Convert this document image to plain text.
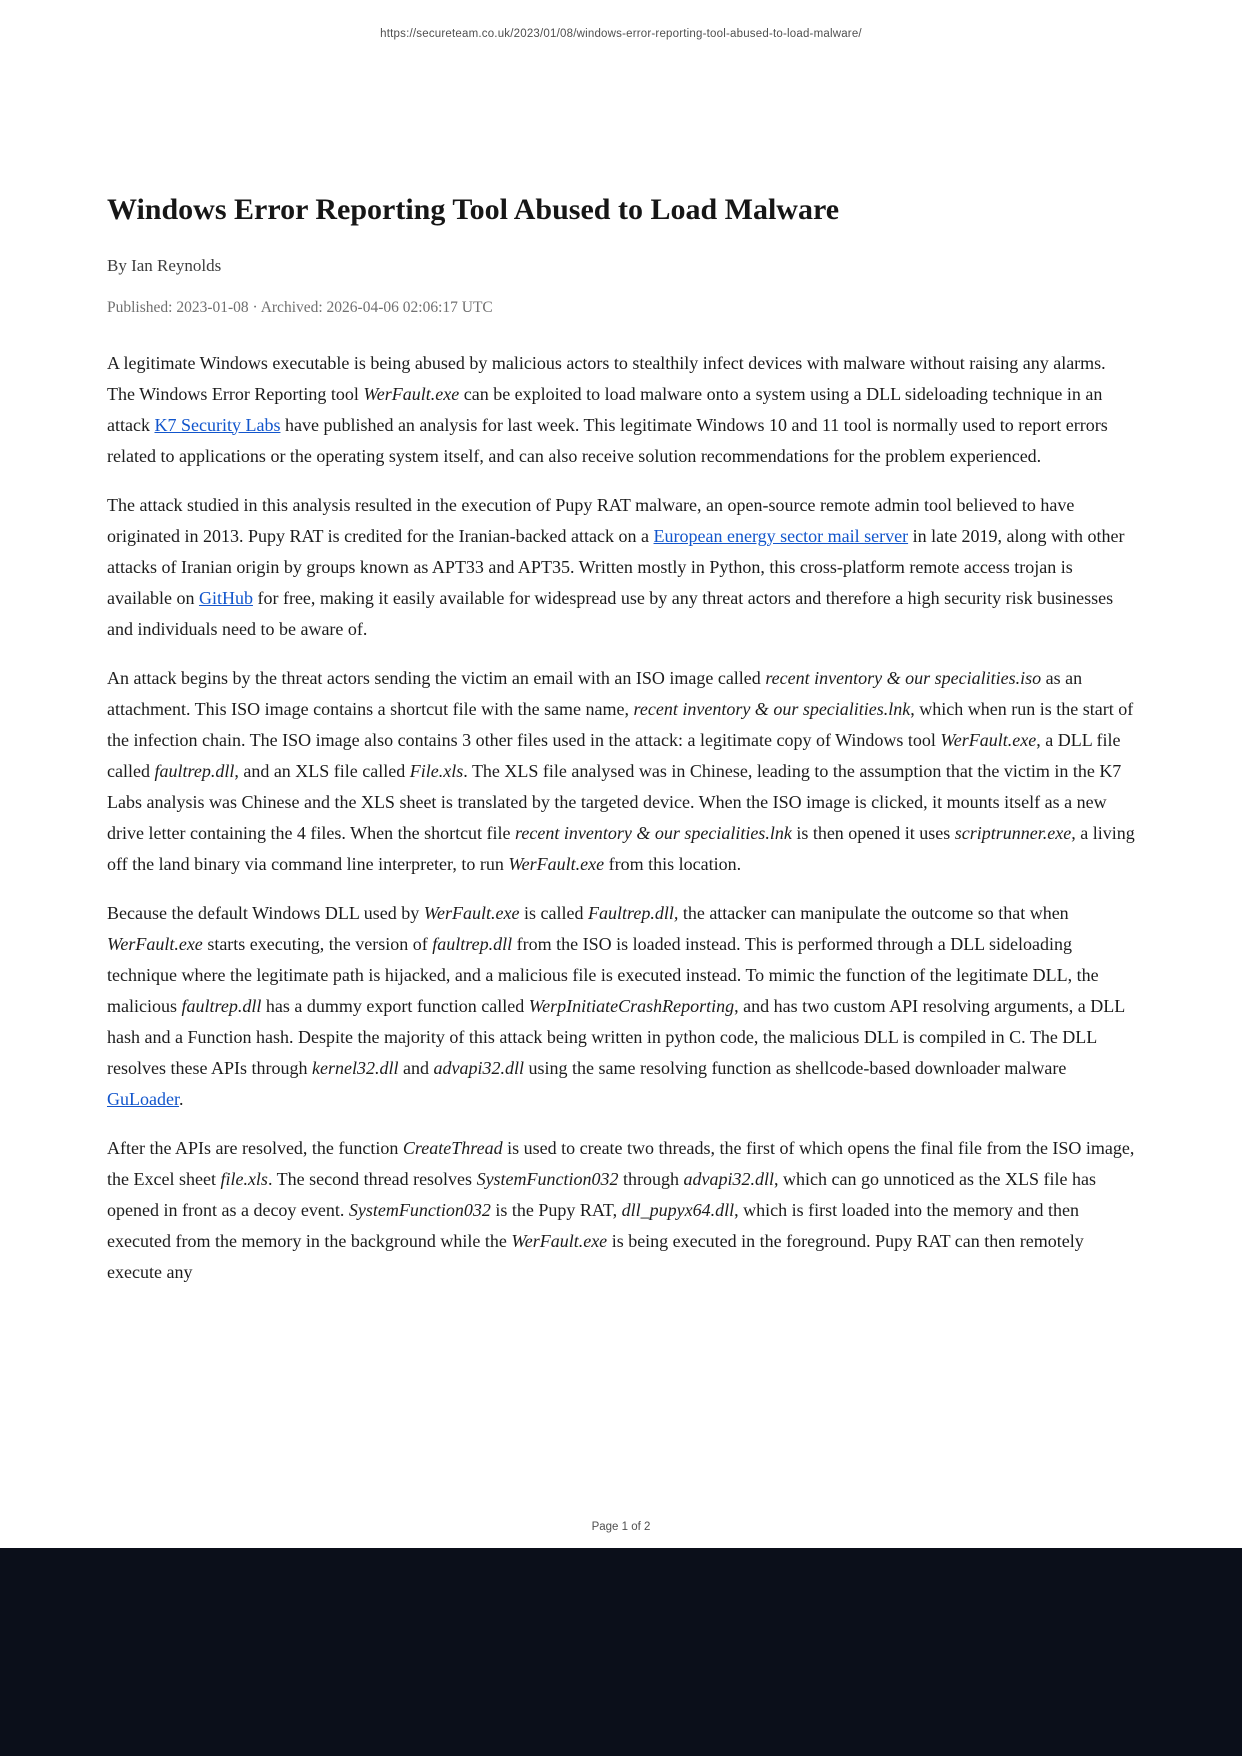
https://secureteam.co.uk/2023/01/08/windows-error-reporting-tool-abused-to-load-malware/
Windows Error Reporting Tool Abused to Load Malware
By Ian Reynolds
Published: 2023-01-08 · Archived: 2026-04-06 02:06:17 UTC

A legitimate Windows executable is being abused by malicious actors to stealthily infect devices with malware without raising any alarms. The Windows Error Reporting tool WerFault.exe can be exploited to load malware onto a system using a DLL sideloading technique in an attack K7 Security Labs have published an analysis for last week. This legitimate Windows 10 and 11 tool is normally used to report errors related to applications or the operating system itself, and can also receive solution recommendations for the problem experienced.

The attack studied in this analysis resulted in the execution of Pupy RAT malware, an open-source remote admin tool believed to have originated in 2013. Pupy RAT is credited for the Iranian-backed attack on a European energy sector mail server in late 2019, along with other attacks of Iranian origin by groups known as APT33 and APT35. Written mostly in Python, this cross-platform remote access trojan is available on GitHub for free, making it easily available for widespread use by any threat actors and therefore a high security risk businesses and individuals need to be aware of.

An attack begins by the threat actors sending the victim an email with an ISO image called recent inventory & our specialities.iso as an attachment. This ISO image contains a shortcut file with the same name, recent inventory & our specialities.lnk, which when run is the start of the infection chain. The ISO image also contains 3 other files used in the attack: a legitimate copy of Windows tool WerFault.exe, a DLL file called faultrep.dll, and an XLS file called File.xls. The XLS file analysed was in Chinese, leading to the assumption that the victim in the K7 Labs analysis was Chinese and the XLS sheet is translated by the targeted device. When the ISO image is clicked, it mounts itself as a new drive letter containing the 4 files. When the shortcut file recent inventory & our specialities.lnk is then opened it uses scriptrunner.exe, a living off the land binary via command line interpreter, to run WerFault.exe from this location.

Because the default Windows DLL used by WerFault.exe is called Faultrep.dll, the attacker can manipulate the outcome so that when WerFault.exe starts executing, the version of faultrep.dll from the ISO is loaded instead. This is performed through a DLL sideloading technique where the legitimate path is hijacked, and a malicious file is executed instead. To mimic the function of the legitimate DLL, the malicious faultrep.dll has a dummy export function called WerpInitiateCrashReporting, and has two custom API resolving arguments, a DLL hash and a Function hash. Despite the majority of this attack being written in python code, the malicious DLL is compiled in C. The DLL resolves these APIs through kernel32.dll and advapi32.dll using the same resolving function as shellcode-based downloader malware GuLoader.

After the APIs are resolved, the function CreateThread is used to create two threads, the first of which opens the final file from the ISO image, the Excel sheet file.xls. The second thread resolves SystemFunction032 through advapi32.dll, which can go unnoticed as the XLS file has opened in front as a decoy event. SystemFunction032 is the Pupy RAT, dll_pupyx64.dll, which is first loaded into the memory and then executed from the memory in the background while the WerFault.exe is being executed in the foreground. Pupy RAT can then remotely execute any

Page 1 of 2
